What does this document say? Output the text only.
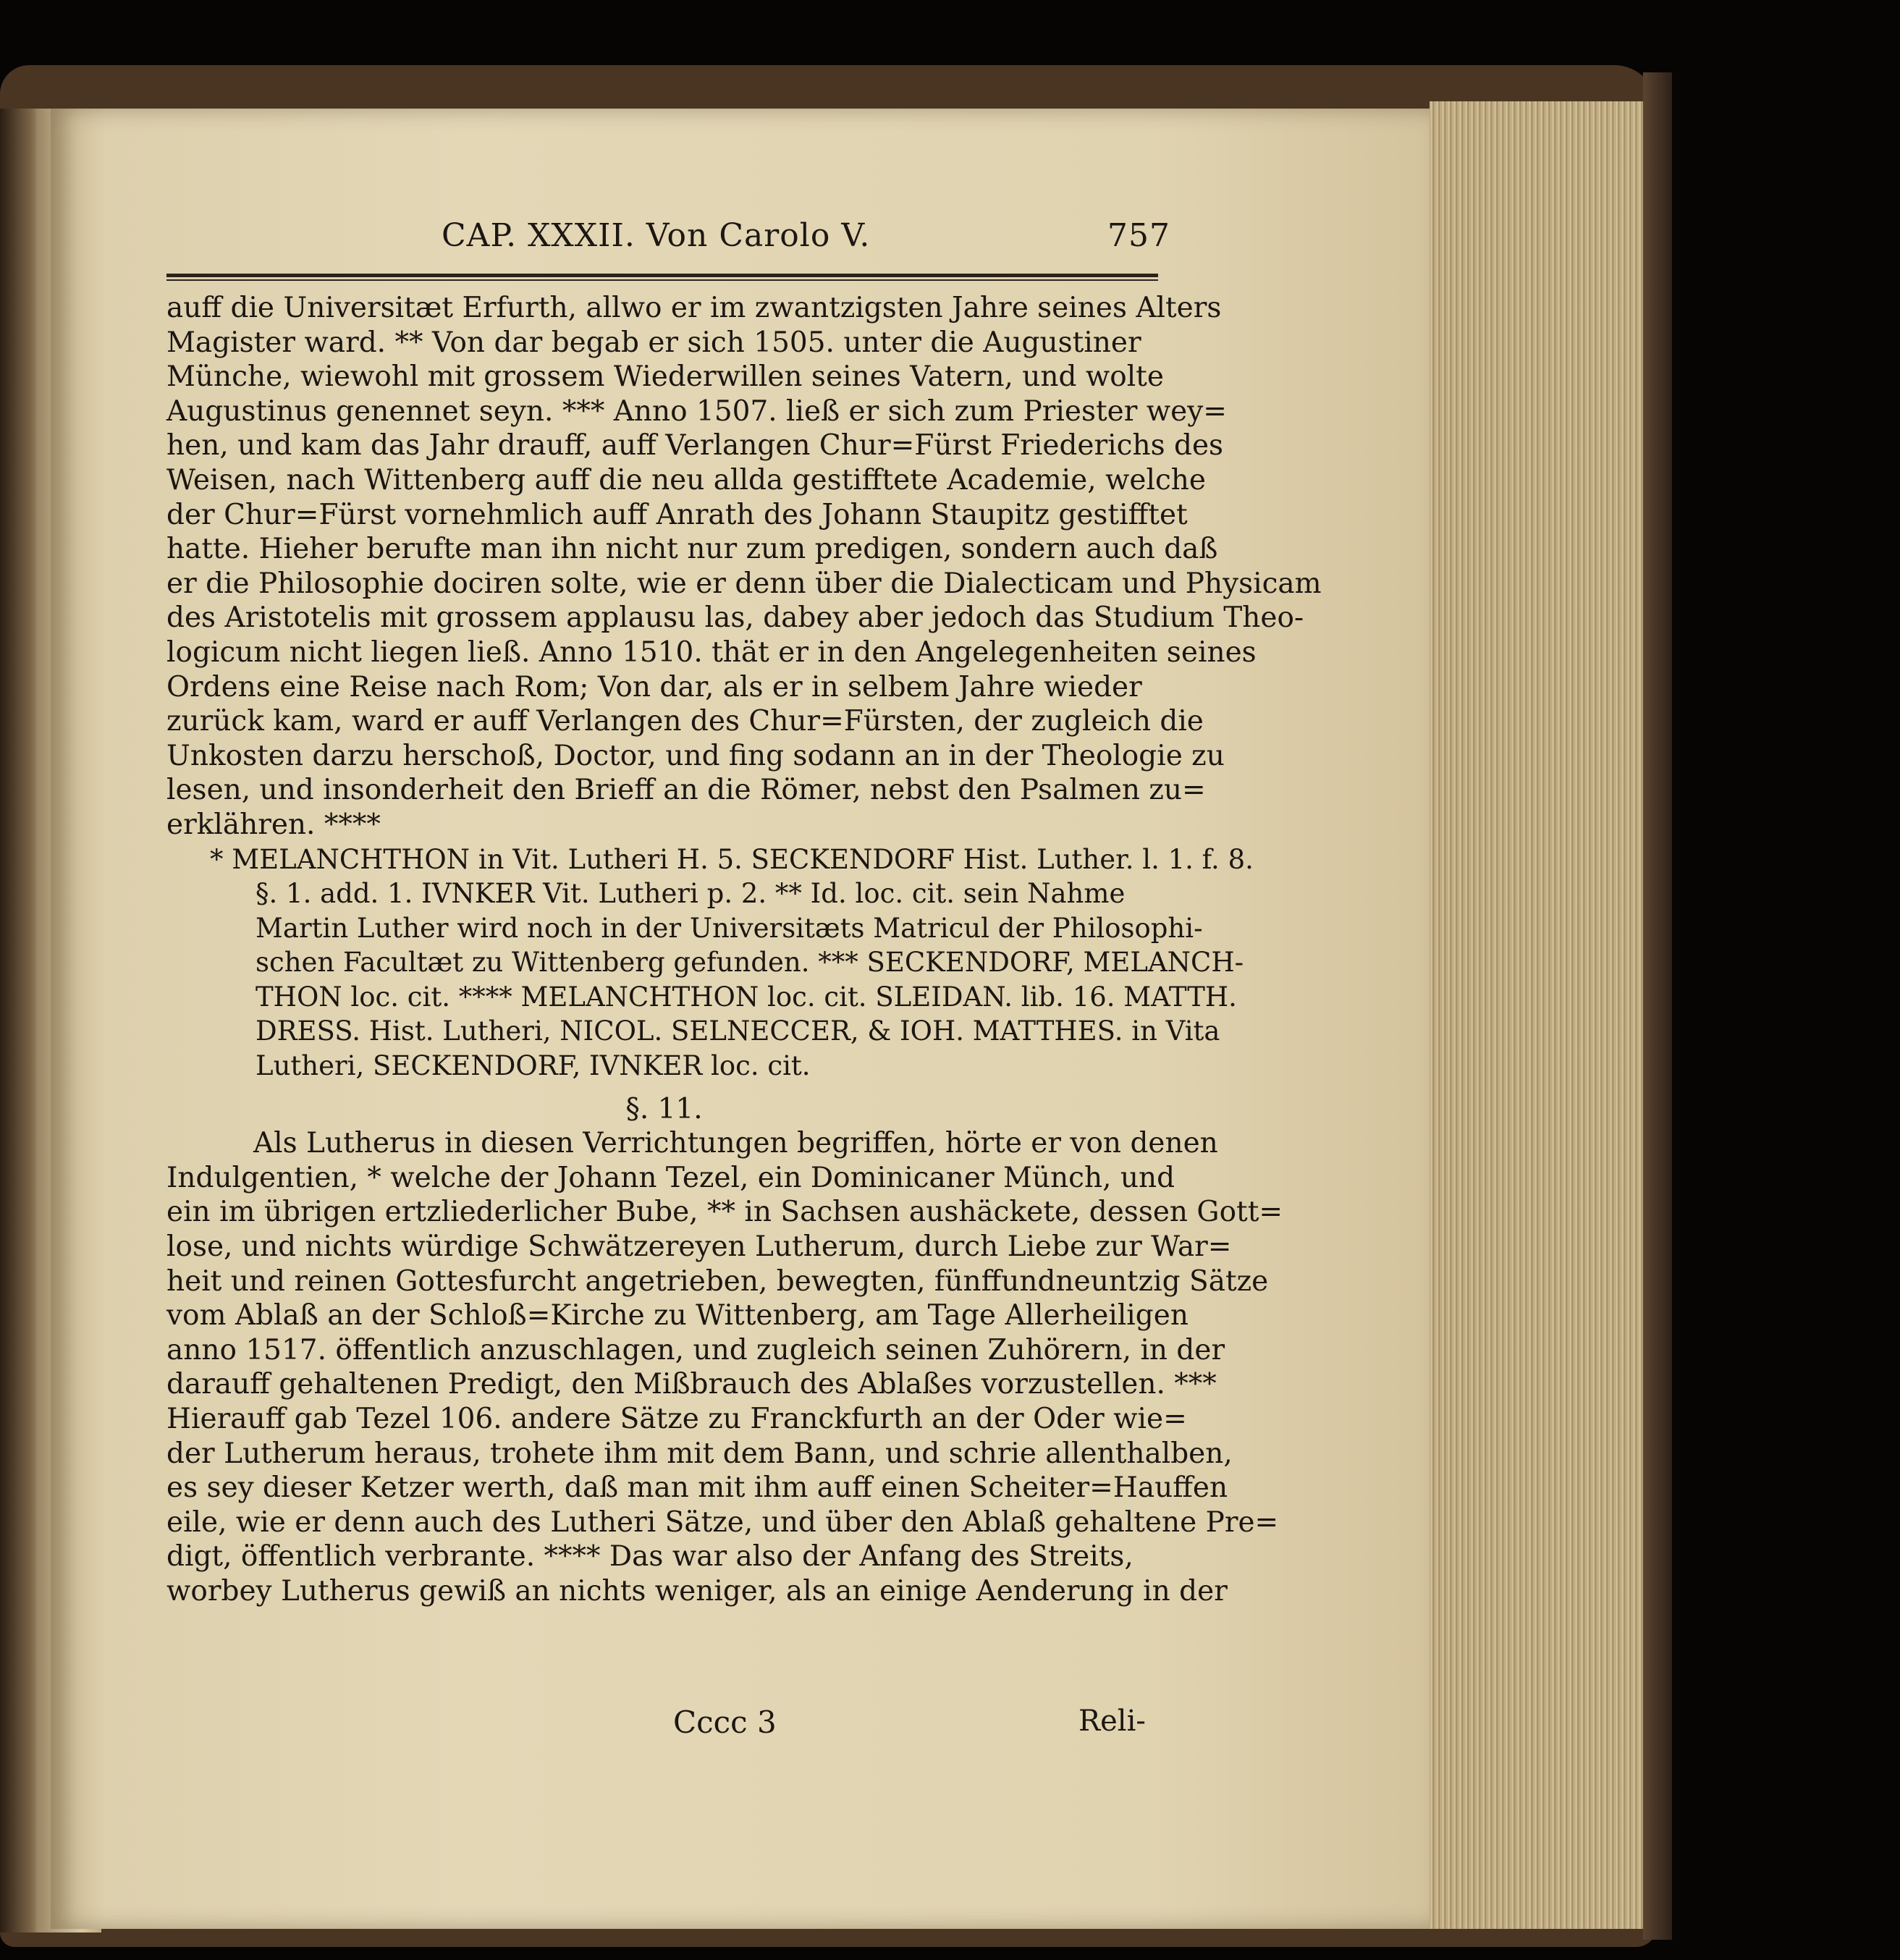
CAP. XXXII. Von Carolo V.	757
auff die Universitæt Erfurth, allwo er im zwantzigsten Jahre seines Alters
Magister ward. ** Von dar begab er sich 1505. unter die Augustiner
Münche, wiewohl mit grossem Wiederwillen seines Vatern, und wolte
Augustinus genennet seyn. *** Anno 1507. ließ er sich zum Priester wey=
hen, und kam das Jahr drauff, auff Verlangen Chur=Fürst Friederichs des
Weisen, nach Wittenberg auff die neu allda gestifftete Academie, welche
der Chur=Fürst vornehmlich auff Anrath des Johann Staupitz gestifftet
hatte. Hieher berufte man ihn nicht nur zum predigen, sondern auch daß
er die Philosophie dociren solte, wie er denn über die Dialecticam und Physicam
des Aristotelis mit grossem applausu las, dabey aber jedoch das Studium Theo-
logicum nicht liegen ließ. Anno 1510. thät er in den Angelegenheiten seines
Ordens eine Reise nach Rom; Von dar, als er in selbem Jahre wieder
zurück kam, ward er auff Verlangen des Chur=Fürsten, der zugleich die
Unkosten darzu herschoß, Doctor, und fing sodann an in der Theologie zu
lesen, und insonderheit den Brieff an die Römer, nebst den Psalmen zu=
erklähren. ****
* MELANCHTHON in Vit. Lutheri H. 5. SECKENDORF Hist. Luther. l. 1. f. 8.
§. 1. add. 1. IVNKER Vit. Lutheri p. 2. ** Id. loc. cit. sein Nahme
Martin Luther wird noch in der Universitæts Matricul der Philosophi-
schen Facultæt zu Wittenberg gefunden. *** SECKENDORF, MELANCH-
THON loc. cit. **** MELANCHTHON loc. cit. SLEIDAN. lib. 16. MATTH.
DRESS. Hist. Lutheri, NICOL. SELNECCER, & IOH. MATTHES. in Vita
Lutheri, SECKENDORF, IVNKER loc. cit.
§. 11.
Als Lutherus in diesen Verrichtungen begriffen, hörte er von denen
Indulgentien, * welche der Johann Tezel, ein Dominicaner Münch, und
ein im übrigen ertzliederlicher Bube, ** in Sachsen aushäckete, dessen Gott=
lose, und nichts würdige Schwätzereyen Lutherum, durch Liebe zur War=
heit und reinen Gottesfurcht angetrieben, bewegten, fünffundneuntzig Sätze
vom Ablaß an der Schloß=Kirche zu Wittenberg, am Tage Allerheiligen
anno 1517. öffentlich anzuschlagen, und zugleich seinen Zuhörern, in der
darauff gehaltenen Predigt, den Mißbrauch des Ablaßes vorzustellen. ***
Hierauff gab Tezel 106. andere Sätze zu Franckfurth an der Oder wie=
der Lutherum heraus, trohete ihm mit dem Bann, und schrie allenthalben,
es sey dieser Ketzer werth, daß man mit ihm auff einen Scheiter=Hauffen
eile, wie er denn auch des Lutheri Sätze, und über den Ablaß gehaltene Pre=
digt, öffentlich verbrante. **** Das war also der Anfang des Streits,
worbey Lutherus gewiß an nichts weniger, als an einige Aenderung in der
Cccc 3	Reli-
